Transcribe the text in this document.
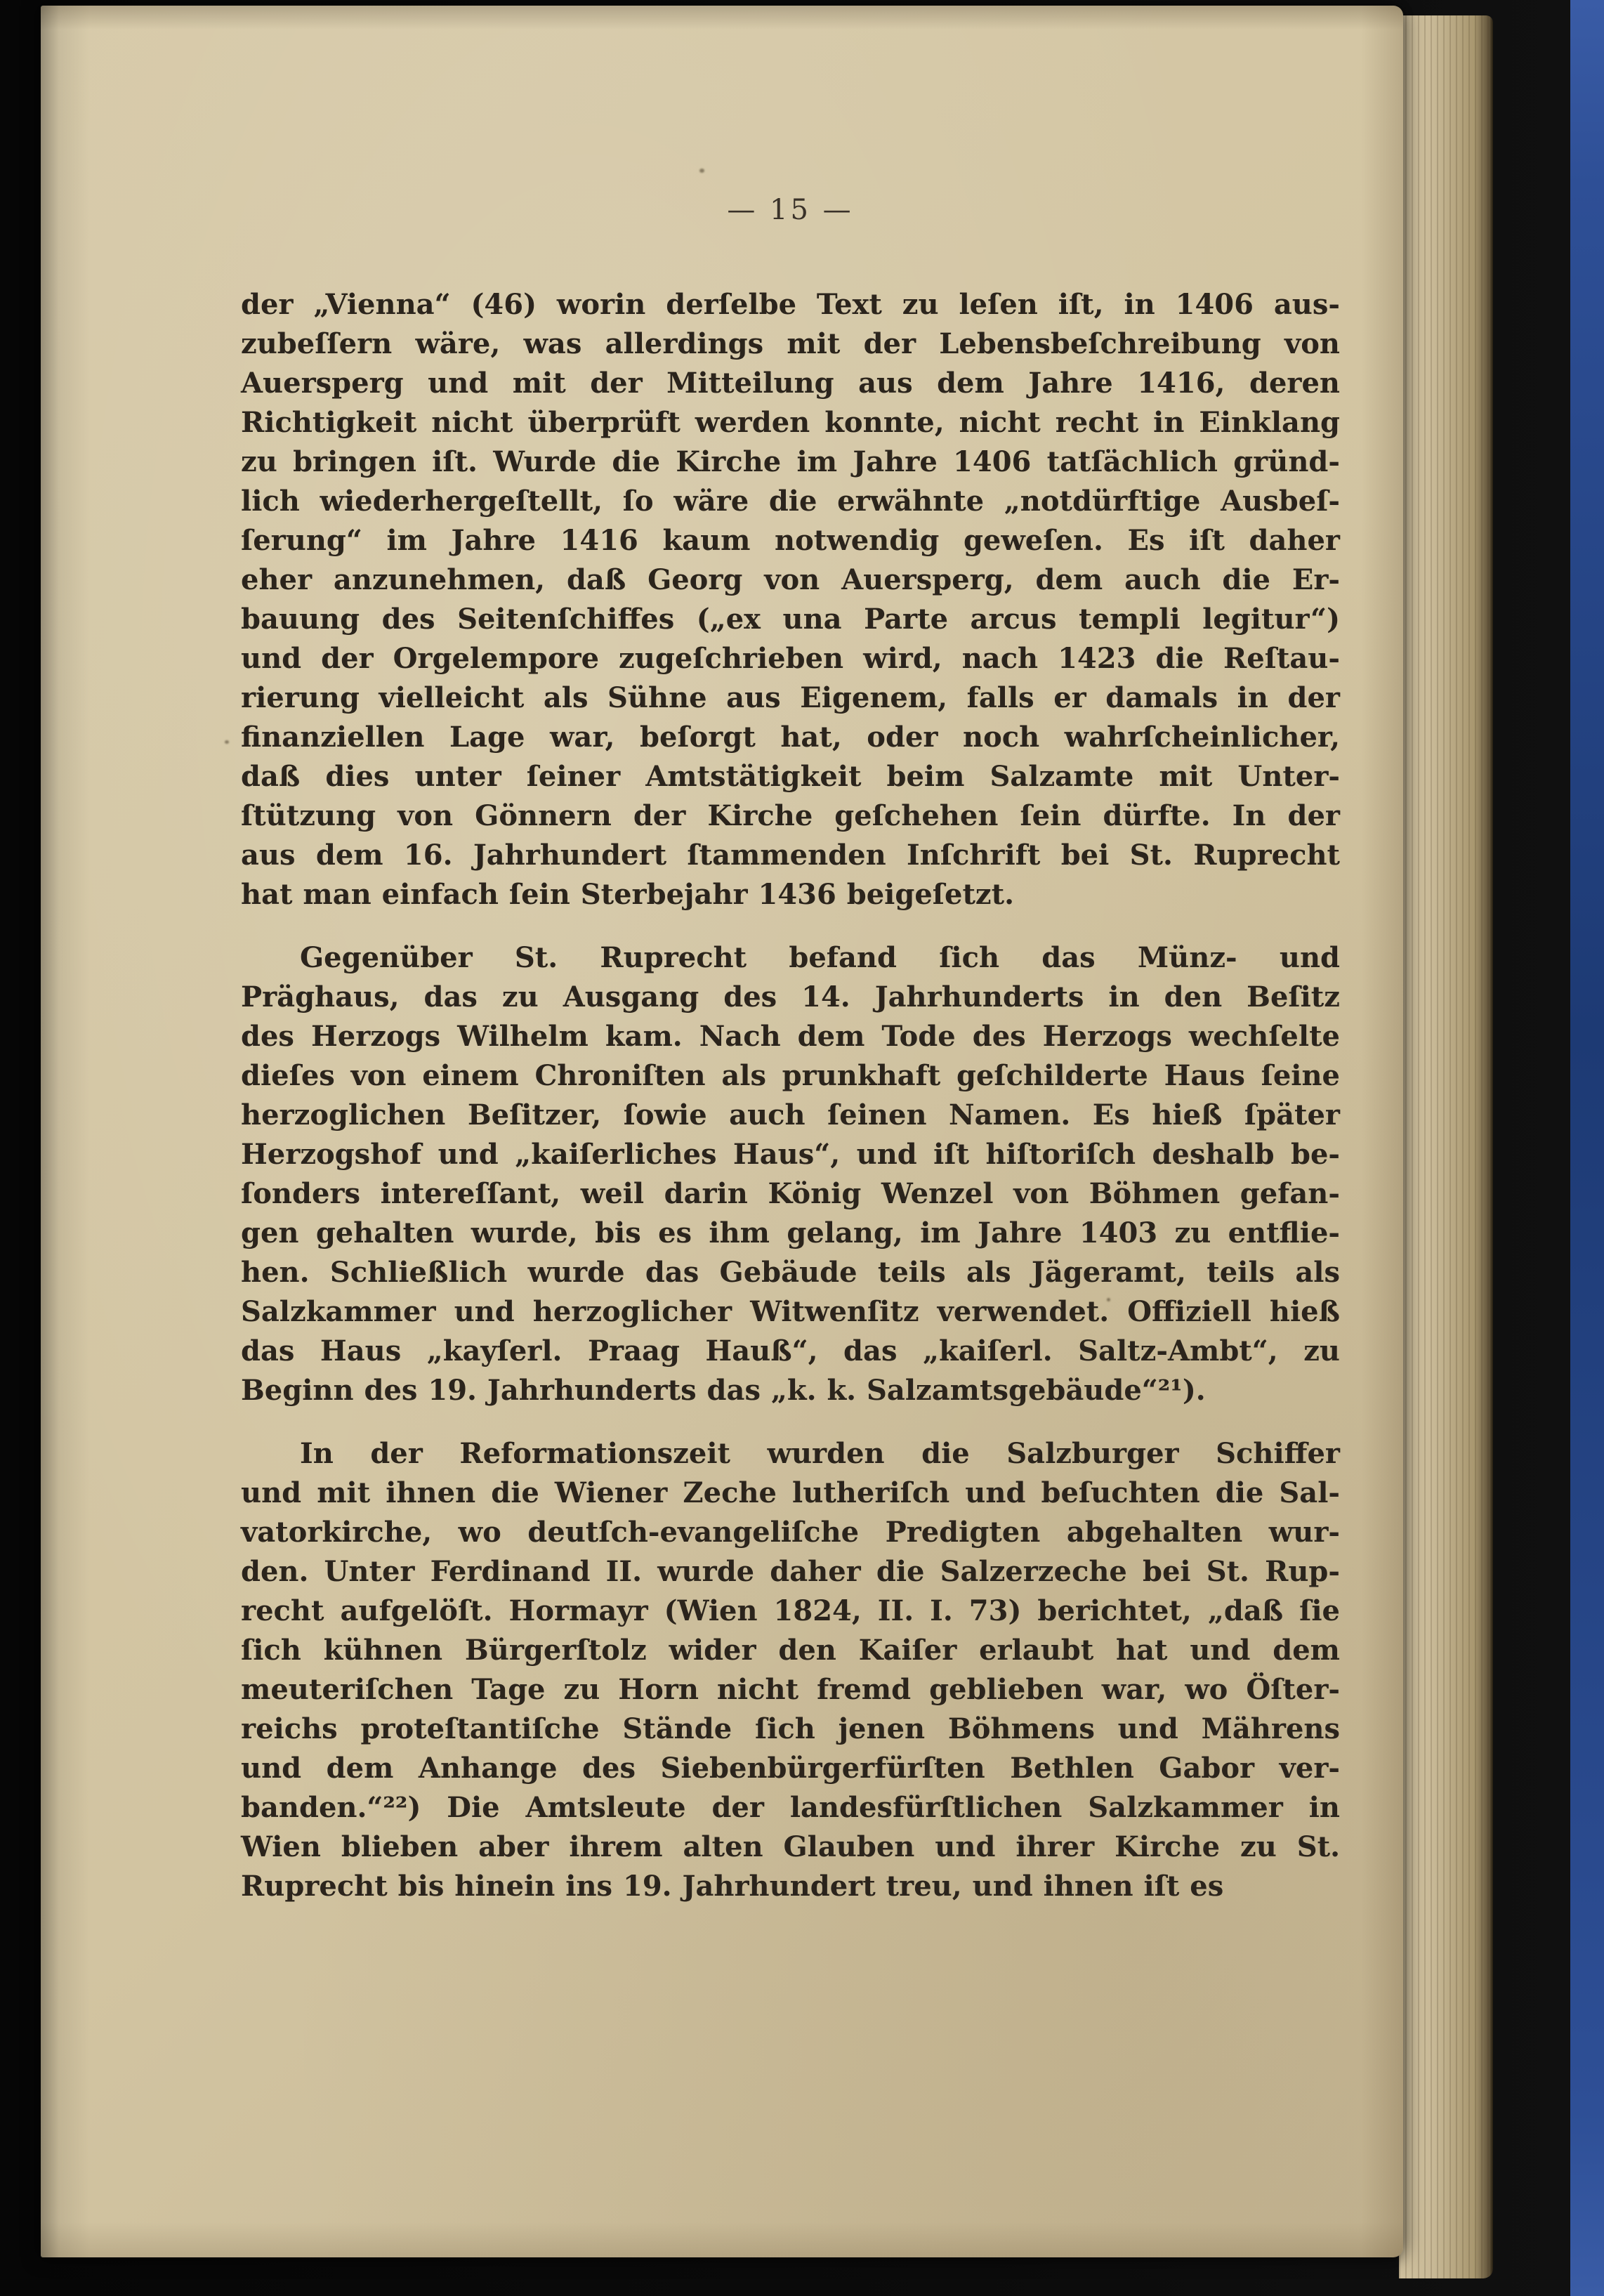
— 15 —
der „Vienna“ (46) worin derſelbe Text zu leſen iſt, in 1406 aus-
zubeſſern wäre, was allerdings mit der Lebensbeſchreibung von
Auersperg und mit der Mitteilung aus dem Jahre 1416, deren
Richtigkeit nicht überprüft werden konnte, nicht recht in Einklang
zu bringen iſt. Wurde die Kirche im Jahre 1406 tatſächlich gründ-
lich wiederhergeſtellt, ſo wäre die erwähnte „notdürftige Ausbeſ-
ſerung“ im Jahre 1416 kaum notwendig geweſen. Es iſt daher
eher anzunehmen, daß Georg von Auersperg, dem auch die Er-
bauung des Seitenſchiffes („ex una Parte arcus templi legitur“)
und der Orgelempore zugeſchrieben wird, nach 1423 die Reſtau-
rierung vielleicht als Sühne aus Eigenem, falls er damals in der
finanziellen Lage war, beſorgt hat, oder noch wahrſcheinlicher,
daß dies unter ſeiner Amtstätigkeit beim Salzamte mit Unter-
ſtützung von Gönnern der Kirche geſchehen ſein dürfte. In der
aus dem 16. Jahrhundert ſtammenden Inſchrift bei St. Ruprecht
hat man einfach ſein Sterbejahr 1436 beigeſetzt.
Gegenüber St. Ruprecht befand ſich das Münz- und
Präghaus, das zu Ausgang des 14. Jahrhunderts in den Beſitz
des Herzogs Wilhelm kam. Nach dem Tode des Herzogs wechſelte
dieſes von einem Chroniſten als prunkhaft geſchilderte Haus ſeine
herzoglichen Beſitzer, ſowie auch ſeinen Namen. Es hieß ſpäter
Herzogshof und „kaiſerliches Haus“, und iſt hiſtoriſch deshalb be-
ſonders intereſſant, weil darin König Wenzel von Böhmen gefan-
gen gehalten wurde, bis es ihm gelang, im Jahre 1403 zu entflie-
hen. Schließlich wurde das Gebäude teils als Jägeramt, teils als
Salzkammer und herzoglicher Witwenſitz verwendet. Offiziell hieß
das Haus „kayſerl. Praag Hauß“, das „kaiſerl. Saltz-Ambt“, zu
Beginn des 19. Jahrhunderts das „k. k. Salzamtsgebäude“²¹).
In der Reformationszeit wurden die Salzburger Schiffer
und mit ihnen die Wiener Zeche lutheriſch und beſuchten die Sal-
vatorkirche, wo deutſch-evangeliſche Predigten abgehalten wur-
den. Unter Ferdinand II. wurde daher die Salzerzeche bei St. Rup-
recht aufgelöſt. Hormayr (Wien 1824, II. I. 73) berichtet, „daß ſie
ſich kühnen Bürgerſtolz wider den Kaiſer erlaubt hat und dem
meuteriſchen Tage zu Horn nicht fremd geblieben war, wo Öſter-
reichs proteſtantiſche Stände ſich jenen Böhmens und Mährens
und dem Anhange des Siebenbürgerfürſten Bethlen Gabor ver-
banden.“²²) Die Amtsleute der landesfürſtlichen Salzkammer in
Wien blieben aber ihrem alten Glauben und ihrer Kirche zu St.
Ruprecht bis hinein ins 19. Jahrhundert treu, und ihnen iſt es
